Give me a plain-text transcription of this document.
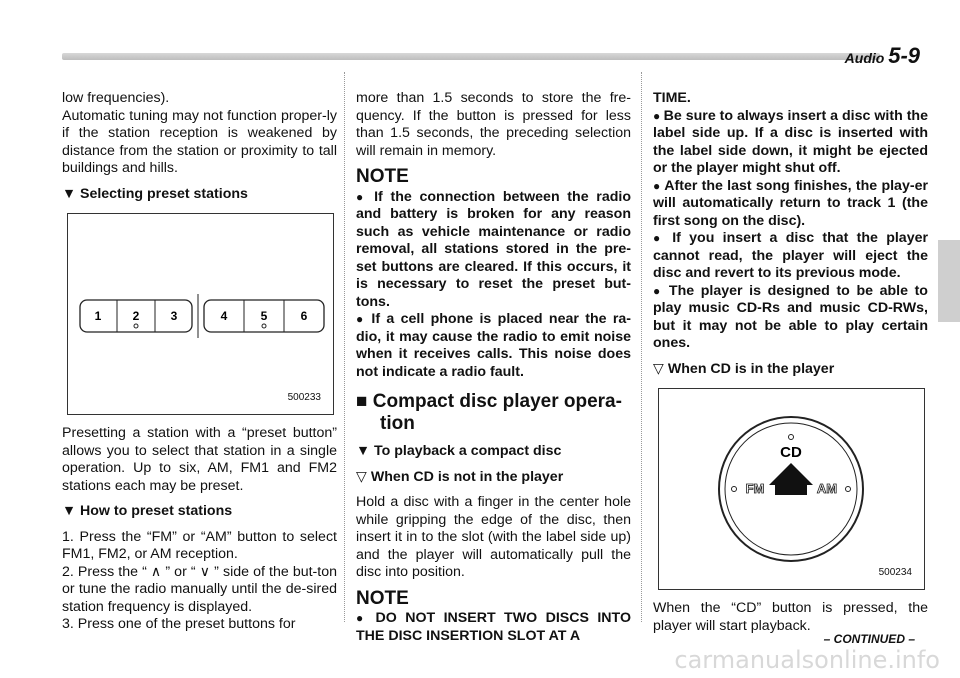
Audio 5-9

low frequencies).

Automatic tuning may not function proper-ly if the station reception is weakened by distance from the station or proximity to tall buildings and hills.

▼ Selecting preset stations
1	2	3	4	5	6
500233

Presetting a station with a “preset button” allows you to select that station in a single operation. Up to six, AM, FM1 and FM2 stations each may be preset.

▼ How to preset stations

1. Press the “FM” or “AM” button to select FM1, FM2, or AM reception.

2. Press the “ ∧ ” or “ ∨ ” side of the but-ton or tune the radio manually until the de-sired station frequency is displayed.

3. Press one of the preset buttons for

more than 1.5 seconds to store the fre-quency. If the button is pressed for less than 1.5 seconds, the preceding selection will remain in memory.

NOTE

● If the connection between the radio and battery is broken for any reason such as vehicle maintenance or radio removal, all stations stored in the pre-set buttons are cleared. If this occurs, it is necessary to reset the preset but-tons.

● If a cell phone is placed near the ra-dio, it may cause the radio to emit noise when it receives calls. This noise does not indicate a radio fault.

■ Compact disc player opera-
tion
▼ To playback a compact disc
▽ When CD is not in the player

Hold a disc with a finger in the center hole while gripping the edge of the disc, then insert it in to the slot (with the label side up) and the player will automatically pull the disc into position.

NOTE

● DO NOT INSERT TWO DISCS INTO THE DISC INSERTION SLOT AT A

TIME.

● Be sure to always insert a disc with the label side up. If a disc is inserted with the label side down, it might be ejected or the player might shut off.

● After the last song finishes, the play-er will automatically return to track 1 (the first song on the disc).

● If you insert a disc that the player cannot read, the player will eject the disc and revert to its previous mode.

● The player is designed to be able to play music CD-Rs and music CD-RWs, but it may not be able to play certain ones.

▽ When CD is in the player
CD
FM	AM
500234

When the “CD” button is pressed, the player will start playback.

– CONTINUED –
carmanualsonline.info
